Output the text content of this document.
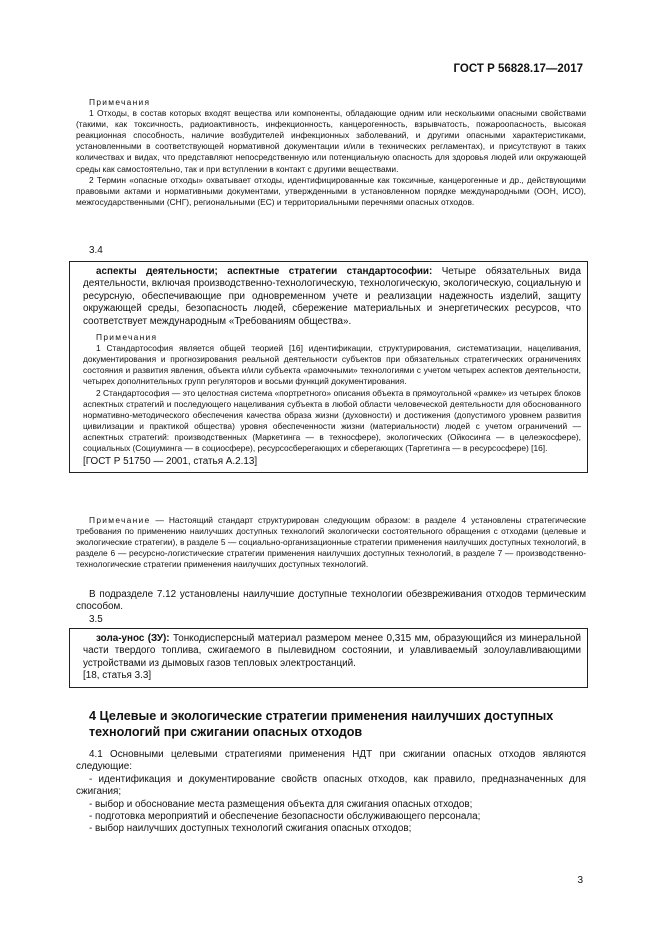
ГОСТ Р 56828.17—2017

Примечания

1 Отходы, в состав которых входят вещества или компоненты, обладающие одним или несколькими опасными свойствами (такими, как токсичность, радиоактивность, инфекционность, канцерогенность, взрывчатость, пожароопасность, высокая реакционная способность, наличие возбудителей инфекционных заболеваний, и другими опасными характеристиками, установленными в соответствующей нормативной документации и/или в технических регламентах), и присутствуют в таких количествах и видах, что представляют непосредственную или потенциальную опасность для здоровья людей или окружающей среды как самостоятельно, так и при вступлении в контакт с другими веществами.

2 Термин «опасные отходы» охватывает отходы, идентифицированные как токсичные, канцерогенные и др., действующими правовыми актами и нормативными документами, утвержденными в установленном порядке международными (ООН, ИСО), межгосударственными (СНГ), региональными (ЕС) и территориальными перечнями опасных отходов.

3.4

аспекты деятельности; аспектные стратегии стандартософии: Четыре обязательных вида деятельности, включая производственно-технологическую, технологическую, экологическую, социальную и ресурсную, обеспечивающие при одновременном учете и реализации надежность изделий, защиту окружающей среды, безопасность людей, сбережение материальных и энергетических ресурсов, что соответствует международным «Требованиям общества».

Примечания

1 Стандартософия является общей теорией [16] идентификации, структурирования, систематизации, нацеливания, документирования и прогнозирования реальной деятельности субъектов при обязательных стратегических ограничениях состояния и развития явления, объекта и/или субъекта «рамочными» технологиями с учетом четырех аспектов деятельности, четырех дополнительных групп регуляторов и восьми функций документирования.

2 Стандартософия — это целостная система «портретного» описания объекта в прямоугольной «рамке» из четырех блоков аспектных стратегий и последующего нацеливания субъекта в любой области человеческой деятельности для обоснованного нормативно-методического обеспечения качества образа жизни (духовности) и достижения (допустимого уровнем развития цивилизации и практикой общества) уровня обеспеченности жизни (материальности) людей с учетом ограничений — аспектных стратегий: производственных (Маркетинга — в техносфере), экологических (Ойкосинга — в целеэкосфере), социальных (Социуминга — в социосфере), ресурсосберегающих и сберегающих (Таргетинга — в ресурсосфере) [16].

[ГОСТ Р 51750 — 2001, статья А.2.13]

Примечание — Настоящий стандарт структурирован следующим образом: в разделе 4 установлены стратегические требования по применению наилучших доступных технологий экологически состоятельного обращения с отходами (целевые и экологические стратегии), в разделе 5 — социально-организационные стратегии применения наилучших доступных технологий, в разделе 6 — ресурсно-логистические стратегии применения наилучших доступных технологий, в разделе 7 — производственно-технологические стратегии применения наилучших доступных технологий.

В подразделе 7.12 установлены наилучшие доступные технологии обезвреживания отходов термическим способом.

3.5

зола-унос (ЗУ): Тонкодисперсный материал размером менее 0,315 мм, образующийся из минеральной части твердого топлива, сжигаемого в пылевидном состоянии, и улавливаемый золоулавливающими устройствами из дымовых газов тепловых электростанций.

[18, статья 3.3]

4 Целевые и экологические стратегии применения наилучших доступных

технологий при сжигании опасных отходов

4.1 Основными целевыми стратегиями применения НДТ при сжигании опасных отходов являются следующие:

- идентификация и документирование свойств опасных отходов, как правило, предназначенных для сжигания;

- выбор и обоснование места размещения объекта для сжигания опасных отходов;

- подготовка мероприятий и обеспечение безопасности обслуживающего персонала;

- выбор наилучших доступных технологий сжигания опасных отходов;

3
